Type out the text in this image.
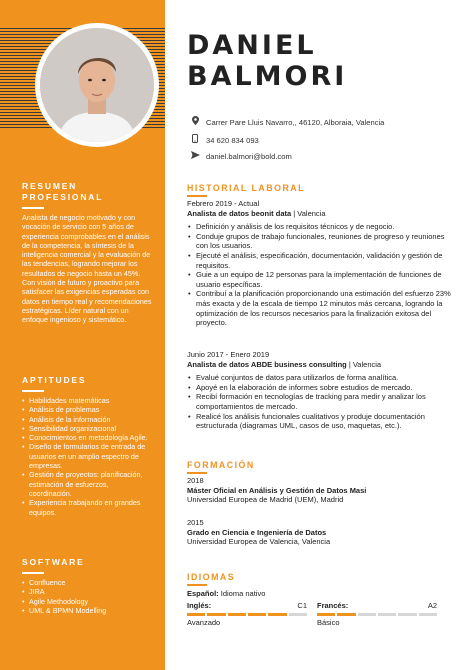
RESUMEN
PROFESIONAL
Analista de negocio motivado y con vocación de servicio con 5 años de experiencia comprobables en el análisis de la competencia, la síntesis de la inteligencia comercial y la evaluación de las tendencias, logrando mejorar los resultados de negocio hasta un 45%. Con visión de futuro y proactivo para satisfacer las exigencias esperadas con datos en tiempo real y recomendaciones estratégicas. Líder natural con un enfoque ingenioso y sistemático.
APTITUDES
• Habilidades matemáticas
• Análisis de problemas
• Análisis de la información
• Sensibilidad organizacional
• Conocimientos en metodología Agile.
• Diseño de formularios de entrada de usuarios en un amplio espectro de empresas.
• Gestión de proyectos: planificación, estimación de esfuerzos, coordinación.
• Experiencia trabajando en grandes equipos.
SOFTWARE
• Confluence
• JIRA
• Agile Methodology
• UML & BPMN Modelling
DANIEL
BALMORI
Carrer Pare Lluis Navarro,, 46120, Alboraia, Valencia
34 620 834 093
daniel.balmori@bold.com
HISTORIAL LABORAL
Febrero 2019 - Actual
Analista de datos beonit data | Valencia
• Definición y análisis de los requisitos técnicos y de negocio.
• Conduje grupos de trabajo funcionales, reuniones de progreso y reuniones con los usuarios.
• Ejecuté el análisis, especificación, documentación, validación y gestión de requisitos.
• Guie a un equipo de 12 personas para la implementación de funciones de usuario específicas.
• Contribuí a la planificación proporcionando una estimación del esfuerzo 23% más exacta y de la escala de tiempo 12 minutos más cercana, logrando la optimización de los recursos necesarios para la finalización exitosa del proyecto.
Junio 2017 - Enero 2019
Analista de datos ABDE business consulting | Valencia
• Evalué conjuntos de datos para utilizarlos de forma analítica.
• Apoyé en la elaboración de informes sobre estudios de mercado.
• Recibí formación en tecnologías de tracking para medir y analizar los comportamientos de mercado.
• Realicé los análisis funcionales cualitativos y produje documentación estructurada (diagramas UML, casos de uso, maquetas, etc.).
FORMACIÓN
2018
Máster Oficial en Análisis y Gestión de Datos Masi
Universidad Europea de Madrid (UEM), Madrid
2015
Grado en Ciencia e Ingeniería de Datos
Universidad Europea de Valencia, Valencia
IDIOMAS
Español: Idioma nativo
Inglés:	C1
Avanzado
Francés:	A2
Básico
